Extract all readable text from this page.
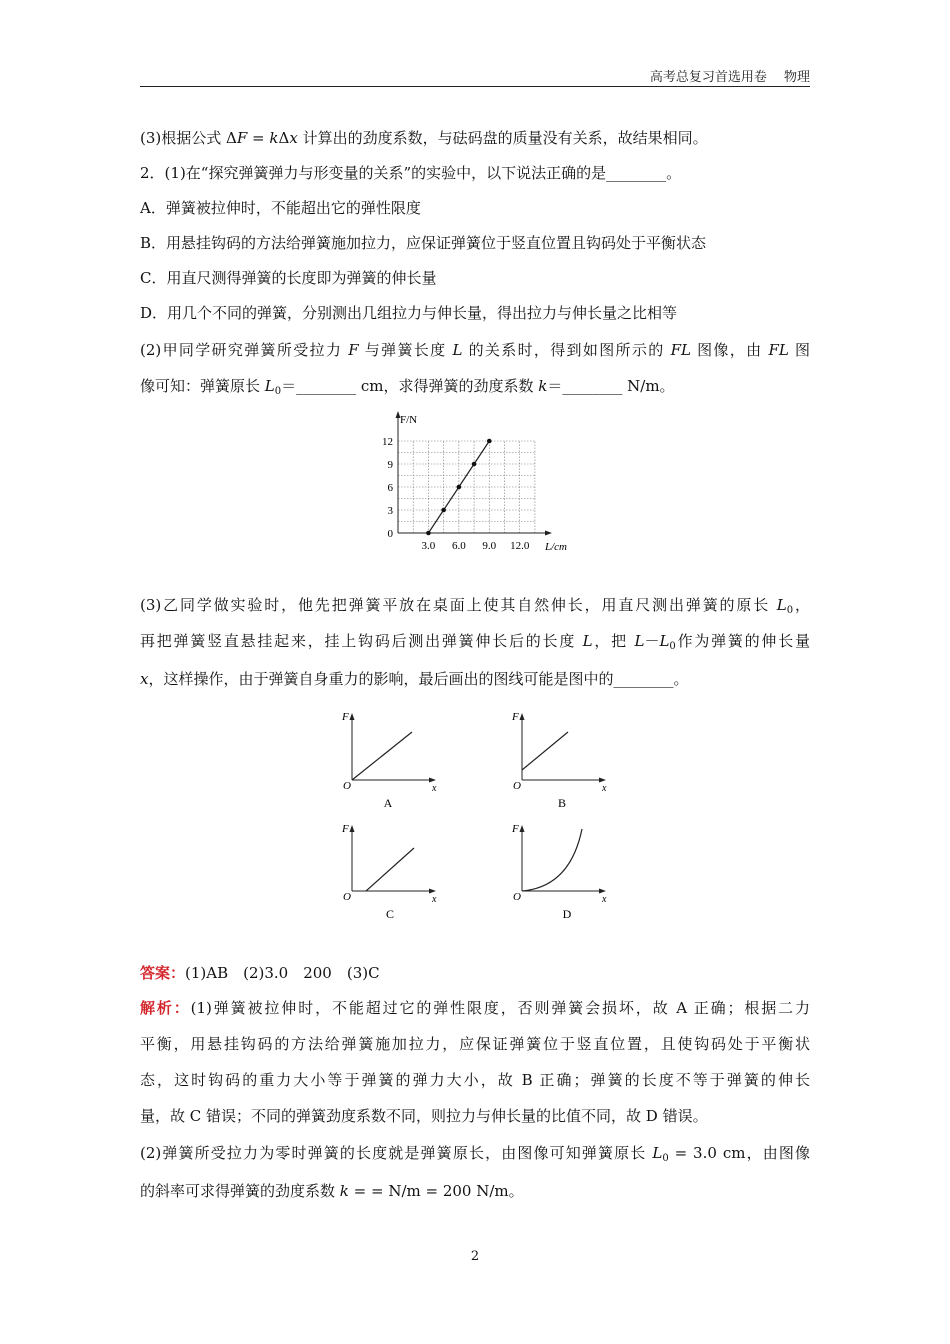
高考总复习首选用卷　 物理
(3)根据公式 ΔF = kΔx 计算出的劲度系数，与砝码盘的质量没有关系，故结果相同。
2．(1)在“探究弹簧弹力与形变量的关系”的实验中，以下说法正确的是________。
A．弹簧被拉伸时，不能超出它的弹性限度
B．用悬挂钩码的方法给弹簧施加拉力，应保证弹簧位于竖直位置且钩码处于平衡状态
C．用直尺测得弹簧的长度即为弹簧的伸长量
D．用几个不同的弹簧，分别测出几组拉力与伸长量，得出拉力与伸长量之比相等
(2)甲同学研究弹簧所受拉力 F 与弹簧长度 L 的关系时，得到如图所示的 FL 图像，由 FL 图
像可知：弹簧原长 $L_0=\_\_\_\_\_\_\_\_$ cm，求得弹簧的劲度系数 k＝________ N/m。
3.0 6.0 9.0 12.0
0
3
6
9
12
F/N
L/cm
(3)乙同学做实验时，他先把弹簧平放在桌面上使其自然伸长，用直尺测出弹簧的原长 $L_0$，
再把弹簧竖直悬挂起来，挂上钩码后测出弹簧伸长后的长度 L，把 $L-L_0$作为弹簧的伸长量
x，这样操作，由于弹簧自身重力的影响，最后画出的图线可能是图中的________。
F
O	x
A
F
O	x
B
F
O	x
C
F
O	x
D
答案：(1)AB　(2)3.0　200　(3)C
解析：(1)弹簧被拉伸时，不能超过它的弹性限度，否则弹簧会损坏，故 A 正确；根据二力
平衡，用悬挂钩码的方法给弹簧施加拉力，应保证弹簧位于竖直位置，且使钩码处于平衡状
态，这时钩码的重力大小等于弹簧的弹力大小，故 B 正确；弹簧的长度不等于弹簧的伸长
量，故 C 错误；不同的弹簧劲度系数不同，则拉力与伸长量的比值不同，故 D 错误。
(2)弹簧所受拉力为零时弹簧的长度就是弹簧原长，由图像可知弹簧原长 $L_0 = 3.0$ cm，由图像
的斜率可求得弹簧的劲度系数 k = = N/m = 200 N/m。
2
